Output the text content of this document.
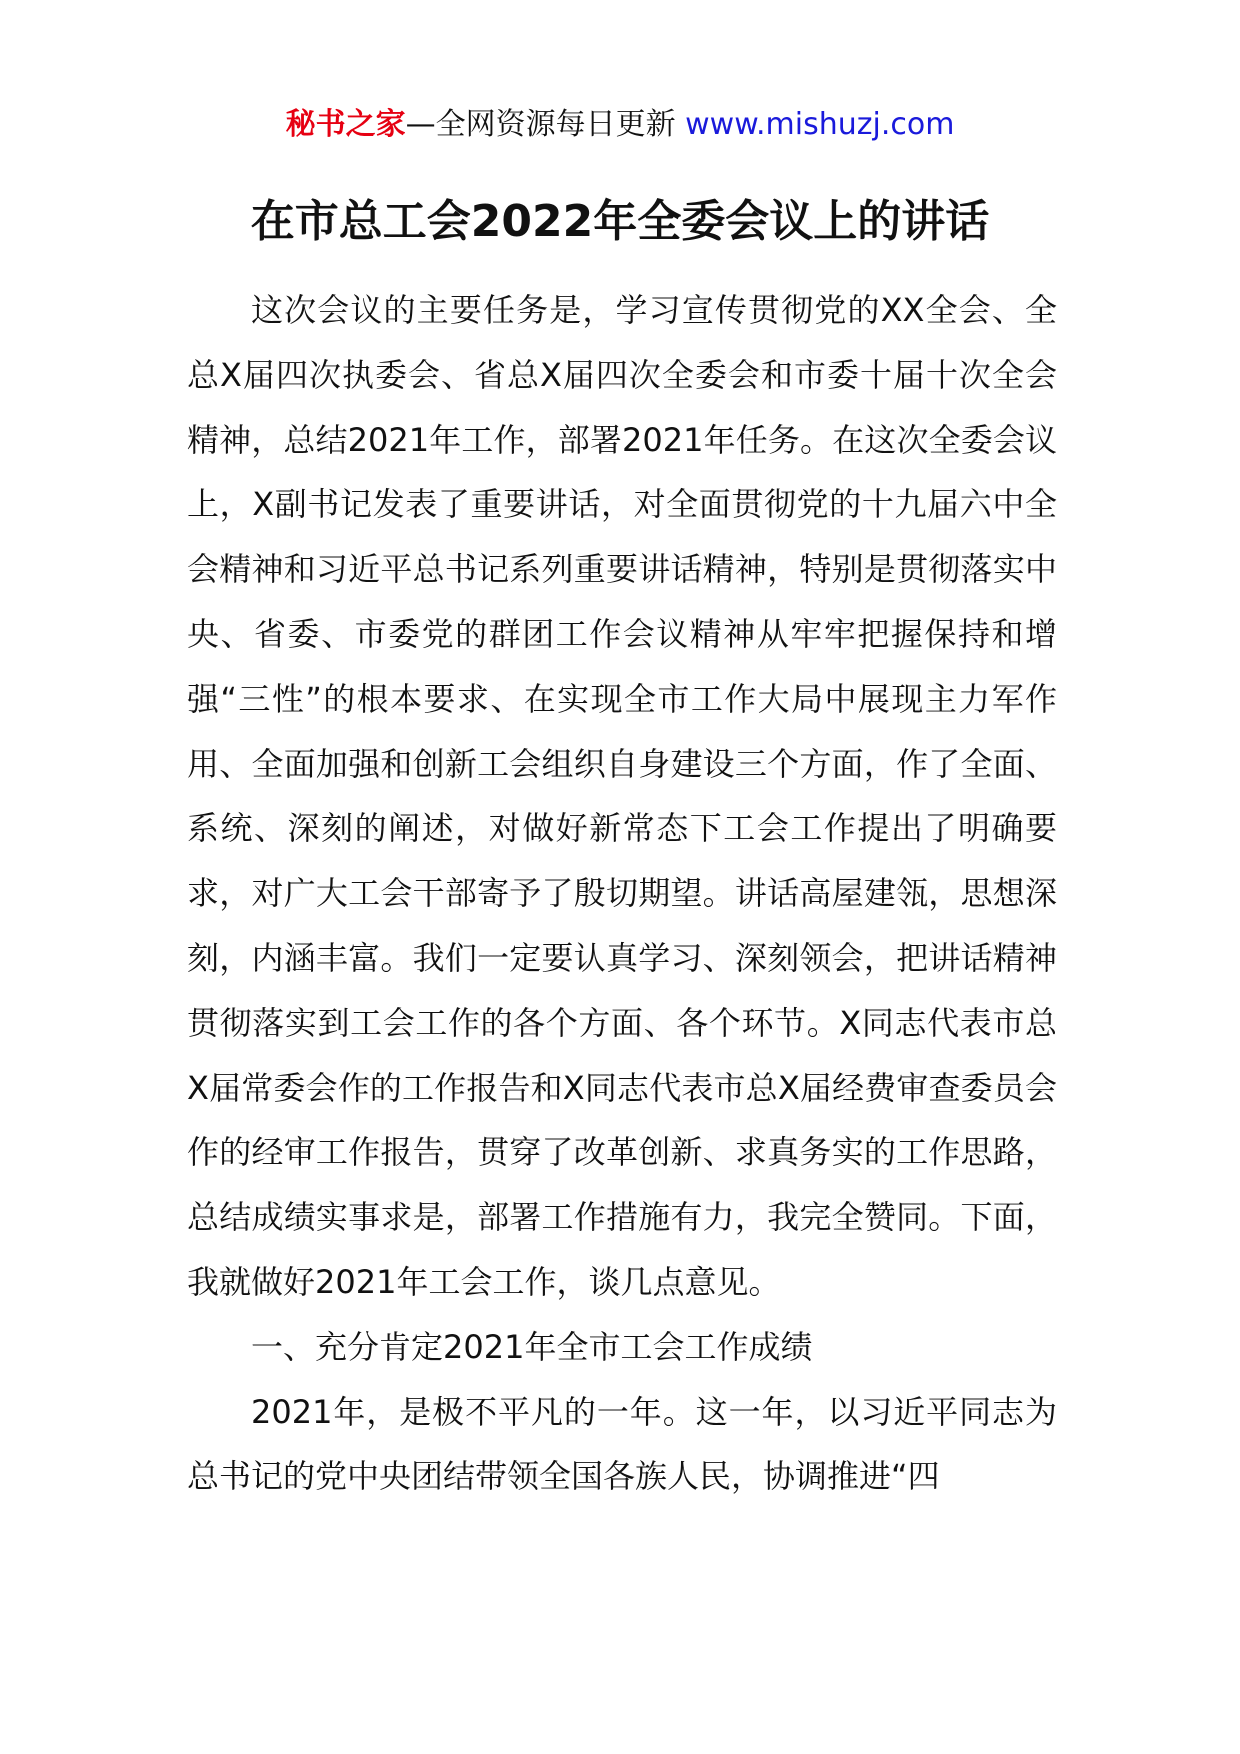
秘书之家—全网资源每日更新 www.mishuzj.com
在市总工会2022年全委会议上的讲话

这次会议的主要任务是，学习宣传贯彻党的XX全会、全总X届四次执委会、省总X届四次全委会和市委十届十次全会精神，总结2021年工作，部署2021年任务。在这次全委会议上，X副书记发表了重要讲话，对全面贯彻党的十九届六中全会精神和习近平总书记系列重要讲话精神，特别是贯彻落实中央、省委、市委党的群团工作会议精神从牢牢把握保持和增强“三性”的根本要求、在实现全市工作大局中展现主力军作用、全面加强和创新工会组织自身建设三个方面，作了全面、系统、深刻的阐述，对做好新常态下工会工作提出了明确要求，对广大工会干部寄予了殷切期望。讲话高屋建瓴，思想深刻，内涵丰富。我们一定要认真学习、深刻领会，把讲话精神贯彻落实到工会工作的各个方面、各个环节。X同志代表市总X届常委会作的工作报告和X同志代表市总X届经费审查委员会作的经审工作报告，贯穿了改革创新、求真务实的工作思路，总结成绩实事求是，部署工作措施有力，我完全赞同。下面，我就做好2021年工会工作，谈几点意见。

一、充分肯定2021年全市工会工作成绩

2021年，是极不平凡的一年。这一年，以习近平同志为总书记的党中央团结带领全国各族人民，协调推进“四
